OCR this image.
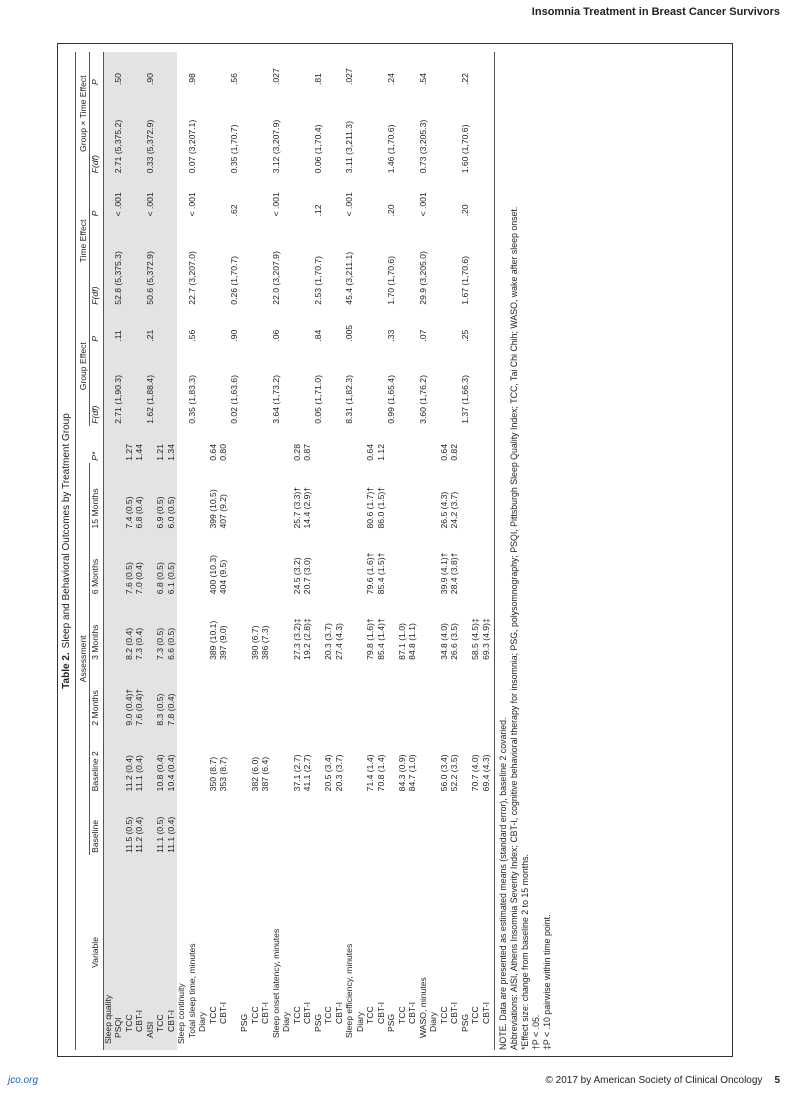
Insomnia Treatment in Breast Cancer Survivors
Table 2.Sleep and Behavioral Outcomes by Treatment Group
	Assessment							Group Effect		Time Effect		Group × Time Effect	
Variable	Baseline	Baseline 2	2 Months	3 Months	6 Months	15 Months	P*	F(df)	P	F(df)	P	F(df)	P
Sleep quality													
PSQI								2.71 (1,90.3)	.11	52.8 (5,375.3)	< .001	2.71 (5,375.2)	.50
TCC	11.5 (0.5)	11.2 (0.4)	9.0 (0.4)†	8.2 (0.4)	7.6 (0.5)	7.4 (0.5)	1.27						
CBT-I	11.2 (0.4)	11.1 (0.4)	7.6 (0.4)†	7.3 (0.4)	7.0 (0.4)	6.8 (0.4)	1.44						
AISI								1.62 (1,88.4)	.21	50.6 (5,372.9)	< .001	0.33 (5,372.9)	.90
TCC	11.1 (0.5)	10.8 (0.4)	8.3 (0.5)	7.3 (0.5)	6.8 (0.5)	6.9 (0.5)	1.21						
CBT-I	11.1 (0.4)	10.4 (0.4)	7.8 (0.4)	6.6 (0.5)	6.1 (0.5)	6.0 (0.5)	1.34						
Sleep continuity													
Total sleep time, minutes								0.35 (1,83.3)	.56	22.7 (3,207.0)	< .001	0.07 (3,207.1)	.98
Diary													
TCC		350 (8.7)		389 (10.1)	400 (10.3)	399 (10.5)	0.64						
CBT-I		353 (8.7)		397 (9.0)	404 (9.5)	407 (9.2)	0.80						
								0.02 (1,63.6)	.90	0.26 (1,70.7)	.62	0.35 (1,70.7)	.56
PSG													
TCC		382 (6.0)		390 (6.7)									
CBT-I		387 (6.4)		386 (7.3)									
Sleep onset latency, minutes								3.64 (1,73.2)	.06	22.0 (3,207.9)	< .001	3.12 (3,207.9)	.027
Diary													
TCC		37.1 (2.7)		27.3 (3.2)‡	24.5 (3.2)	25.7 (3.3)†	0.28						
CBT-I		41.1 (2.7)		19.2 (2.8)‡	20.7 (3.0)	14.4 (2.9)†	0.87						
PSG								0.05 (1,71.0)	.84	2.53 (1,70.7)	.12	0.06 (1,70.4)	.81
TCC		20.5 (3.4)		20.3 (3.7)									
CBT-I		20.3 (3.7)		27.4 (4.3)									
Sleep efficiency, minutes								8.31 (1,82.3)	.005	45.4 (3,211.1)	< .001	3.11 (3,211.3)	.027
Diary													
TCC		71.4 (1.4)		79.8 (1.6)†	79.6 (1.6)†	80.6 (1.7)†	0.64						
CBT-I		70.8 (1.4)		85.4 (1.4)†	85.4 (1.5)†	86.0 (1.5)†	1.12						
PSG								0.99 (1,65.4)	.33	1.70 (1,70.6)	.20	1.46 (1,70.6)	.24
TCC		84.3 (0.9)		87.1 (1.0)									
CBT-I		84.7 (1.0)		84.8 (1.1)									
WASO, minutes								3.60 (1,76.2)	.07	29.9 (3,205.0)	< .001	0.73 (3,205.3)	.54
Diary													
TCC		56.0 (3.4)		34.8 (4.0)	39.9 (4.1)†	26.5 (4.3)	0.64						
CBT-I		52.2 (3.5)		26.6 (3.5)	28.4 (3.8)†	24.2 (3.7)	0.82						
PSG								1.37 (1,66.3)	.25	1.67 (1,70.6)	.20	1.60 (1,70.6)	.22
TCC		70.7 (4.0)		58.5 (4.5)‡									
CBT-I		69.4 (4.3)		69.3 (4.9)‡									
NOTE. Data are presented as estimated means (standard error), baseline 2 covaried. Abbreviations: AISI, Athens Insomnia Severity Index; CBT-I, cognitive behavioral therapy for insomnia; PSG, polysomnography; PSQI, Pittsburgh Sleep Quality Index; TCC, Tai Chi Chih; WASO, wake after sleep onset. *Effect size: change from baseline 2 to 15 months. †P < .05. ‡P < .10 pairwise within time point.
jco.org	© 2017 by American Society of Clinical Oncology 5
